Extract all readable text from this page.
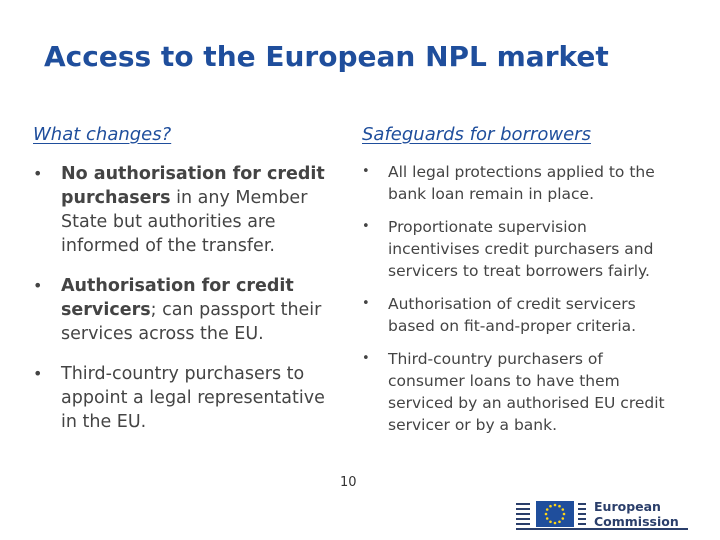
Access to the European NPL market
What changes?	Safeguards for borrowers
• No authorisation for credit purchasers in any Member State but authorities are informed of the transfer.
• Authorisation for credit servicers; can passport their services across the EU.
• Third-country purchasers to appoint a legal representative in the EU.
• All legal protections applied to the bank loan remain in place.
• Proportionate supervision incentivises credit purchasers and servicers to treat borrowers fairly.
• Authorisation of credit servicers based on fit-and-proper criteria.
• Third-country purchasers of consumer loans to have them serviced by an authorised EU credit servicer or by a bank.
10
European
Commission
